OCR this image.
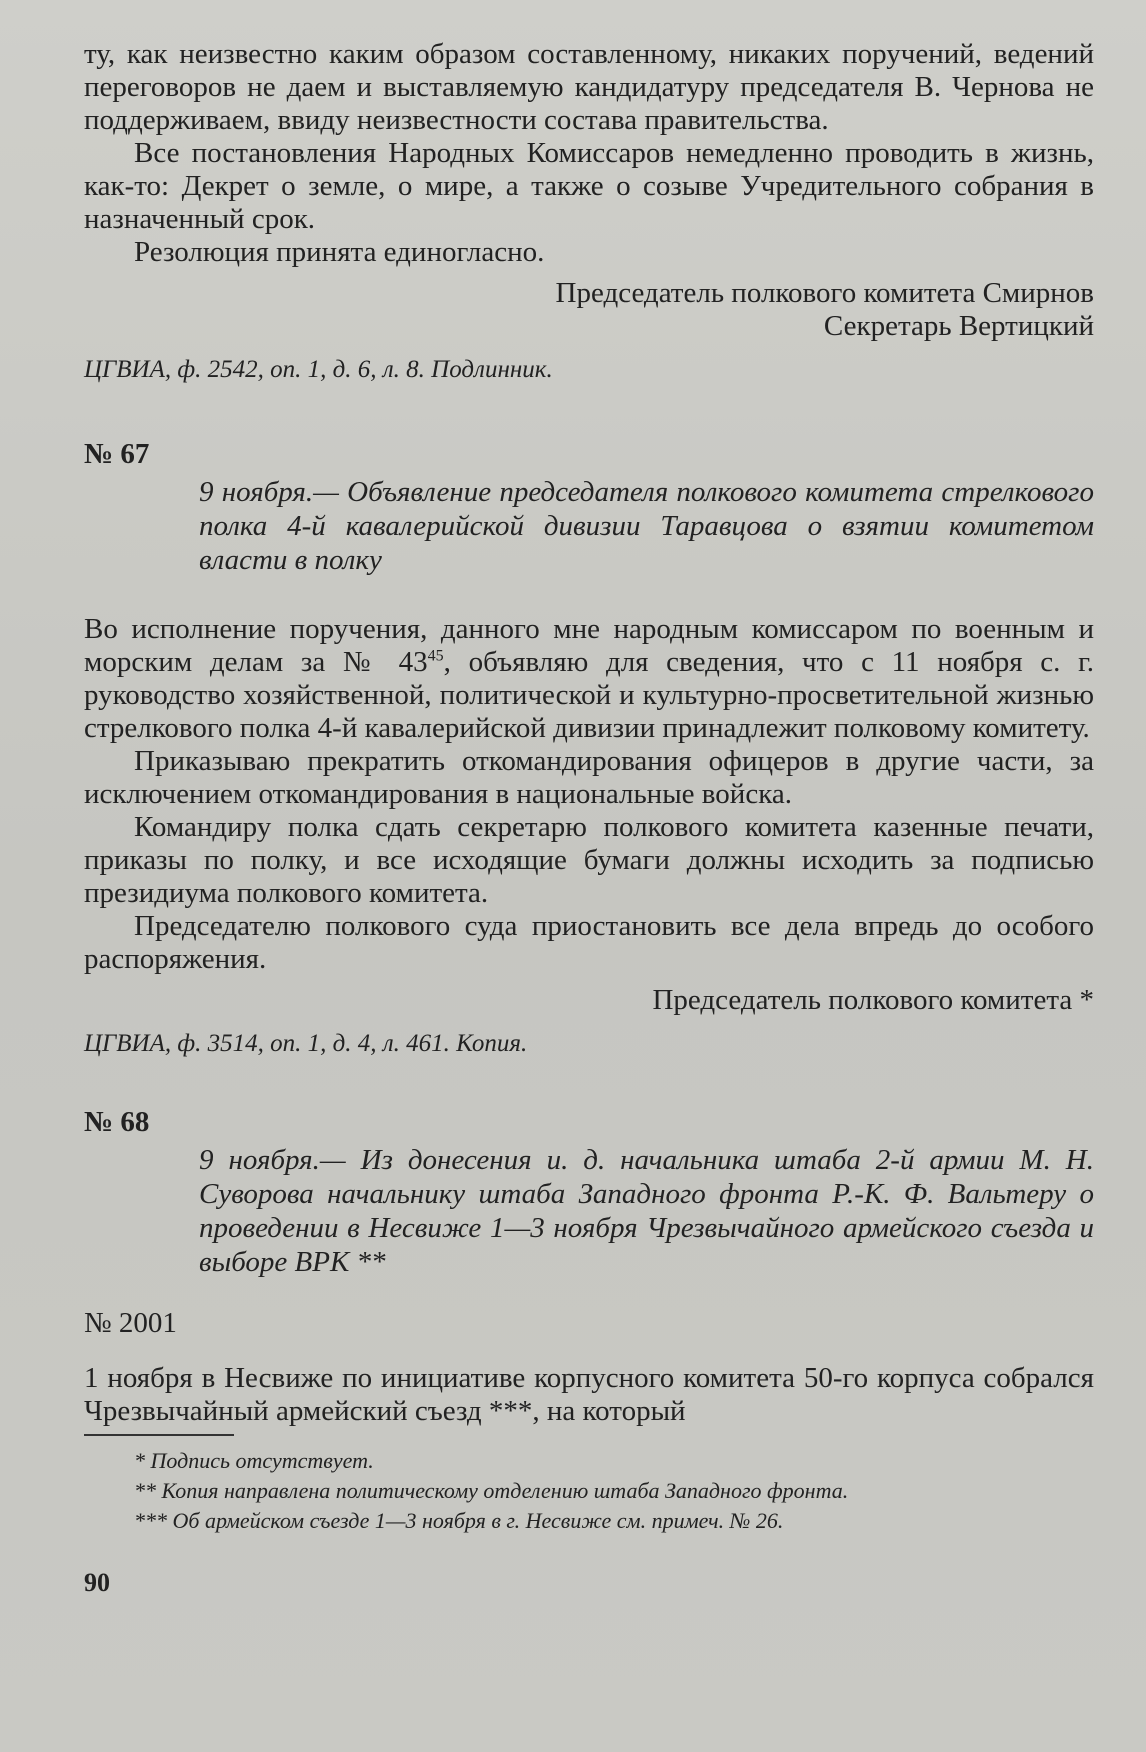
ту, как неизвестно каким образом составленному, никаких поручений, ведений переговоров не даем и выставляемую кандидатуру председателя В. Чернова не поддерживаем, ввиду неизвестности состава правительства.

Все постановления Народных Комиссаров немедленно проводить в жизнь, как-то: Декрет о земле, о мире, а также о созыве Учредительного собрания в назначенный срок.

Резолюция принята единогласно.

Председатель полкового комитета Смирнов

Секретарь Вертицкий

ЦГВИА, ф. 2542, оп. 1, д. 6, л. 8. Подлинник.

№ 67

9 ноября.— Объявление председателя полкового комитета стрелкового полка 4-й кавалерийской дивизии Таравцова о взятии комитетом власти в полку

Во исполнение поручения, данного мне народным комиссаром по военным и морским делам за № $43^{45}$, объявляю для сведения, что с 11 ноября с. г. руководство хозяйственной, политической и культурно-просветительной жизнью стрелкового полка 4-й кавалерийской дивизии принадлежит полковому комитету.

Приказываю прекратить откомандирования офицеров в другие части, за исключением откомандирования в национальные войска.

Командиру полка сдать секретарю полкового комитета казенные печати, приказы по полку, и все исходящие бумаги должны исходить за подписью президиума полкового комитета.

Председателю полкового суда приостановить все дела впредь до особого распоряжения.

Председатель полкового комитета *

ЦГВИА, ф. 3514, оп. 1, д. 4, л. 461. Копия.

№ 68

9 ноября.— Из донесения и. д. начальника штаба 2-й армии М. Н. Суворова начальнику штаба Западного фронта Р.-К. Ф. Вальтеру о проведении в Несвиже 1—3 ноября Чрезвычайного армейского съезда и выборе ВРК **

№ 2001

1 ноября в Несвиже по инициативе корпусного комитета 50-го корпуса собрался Чрезвычайный армейский съезд ***, на который

* Подпись отсутствует.

** Копия направлена политическому отделению штаба Западного фронта.

*** Об армейском съезде 1—3 ноября в г. Несвиже см. примеч. № 26.

90
